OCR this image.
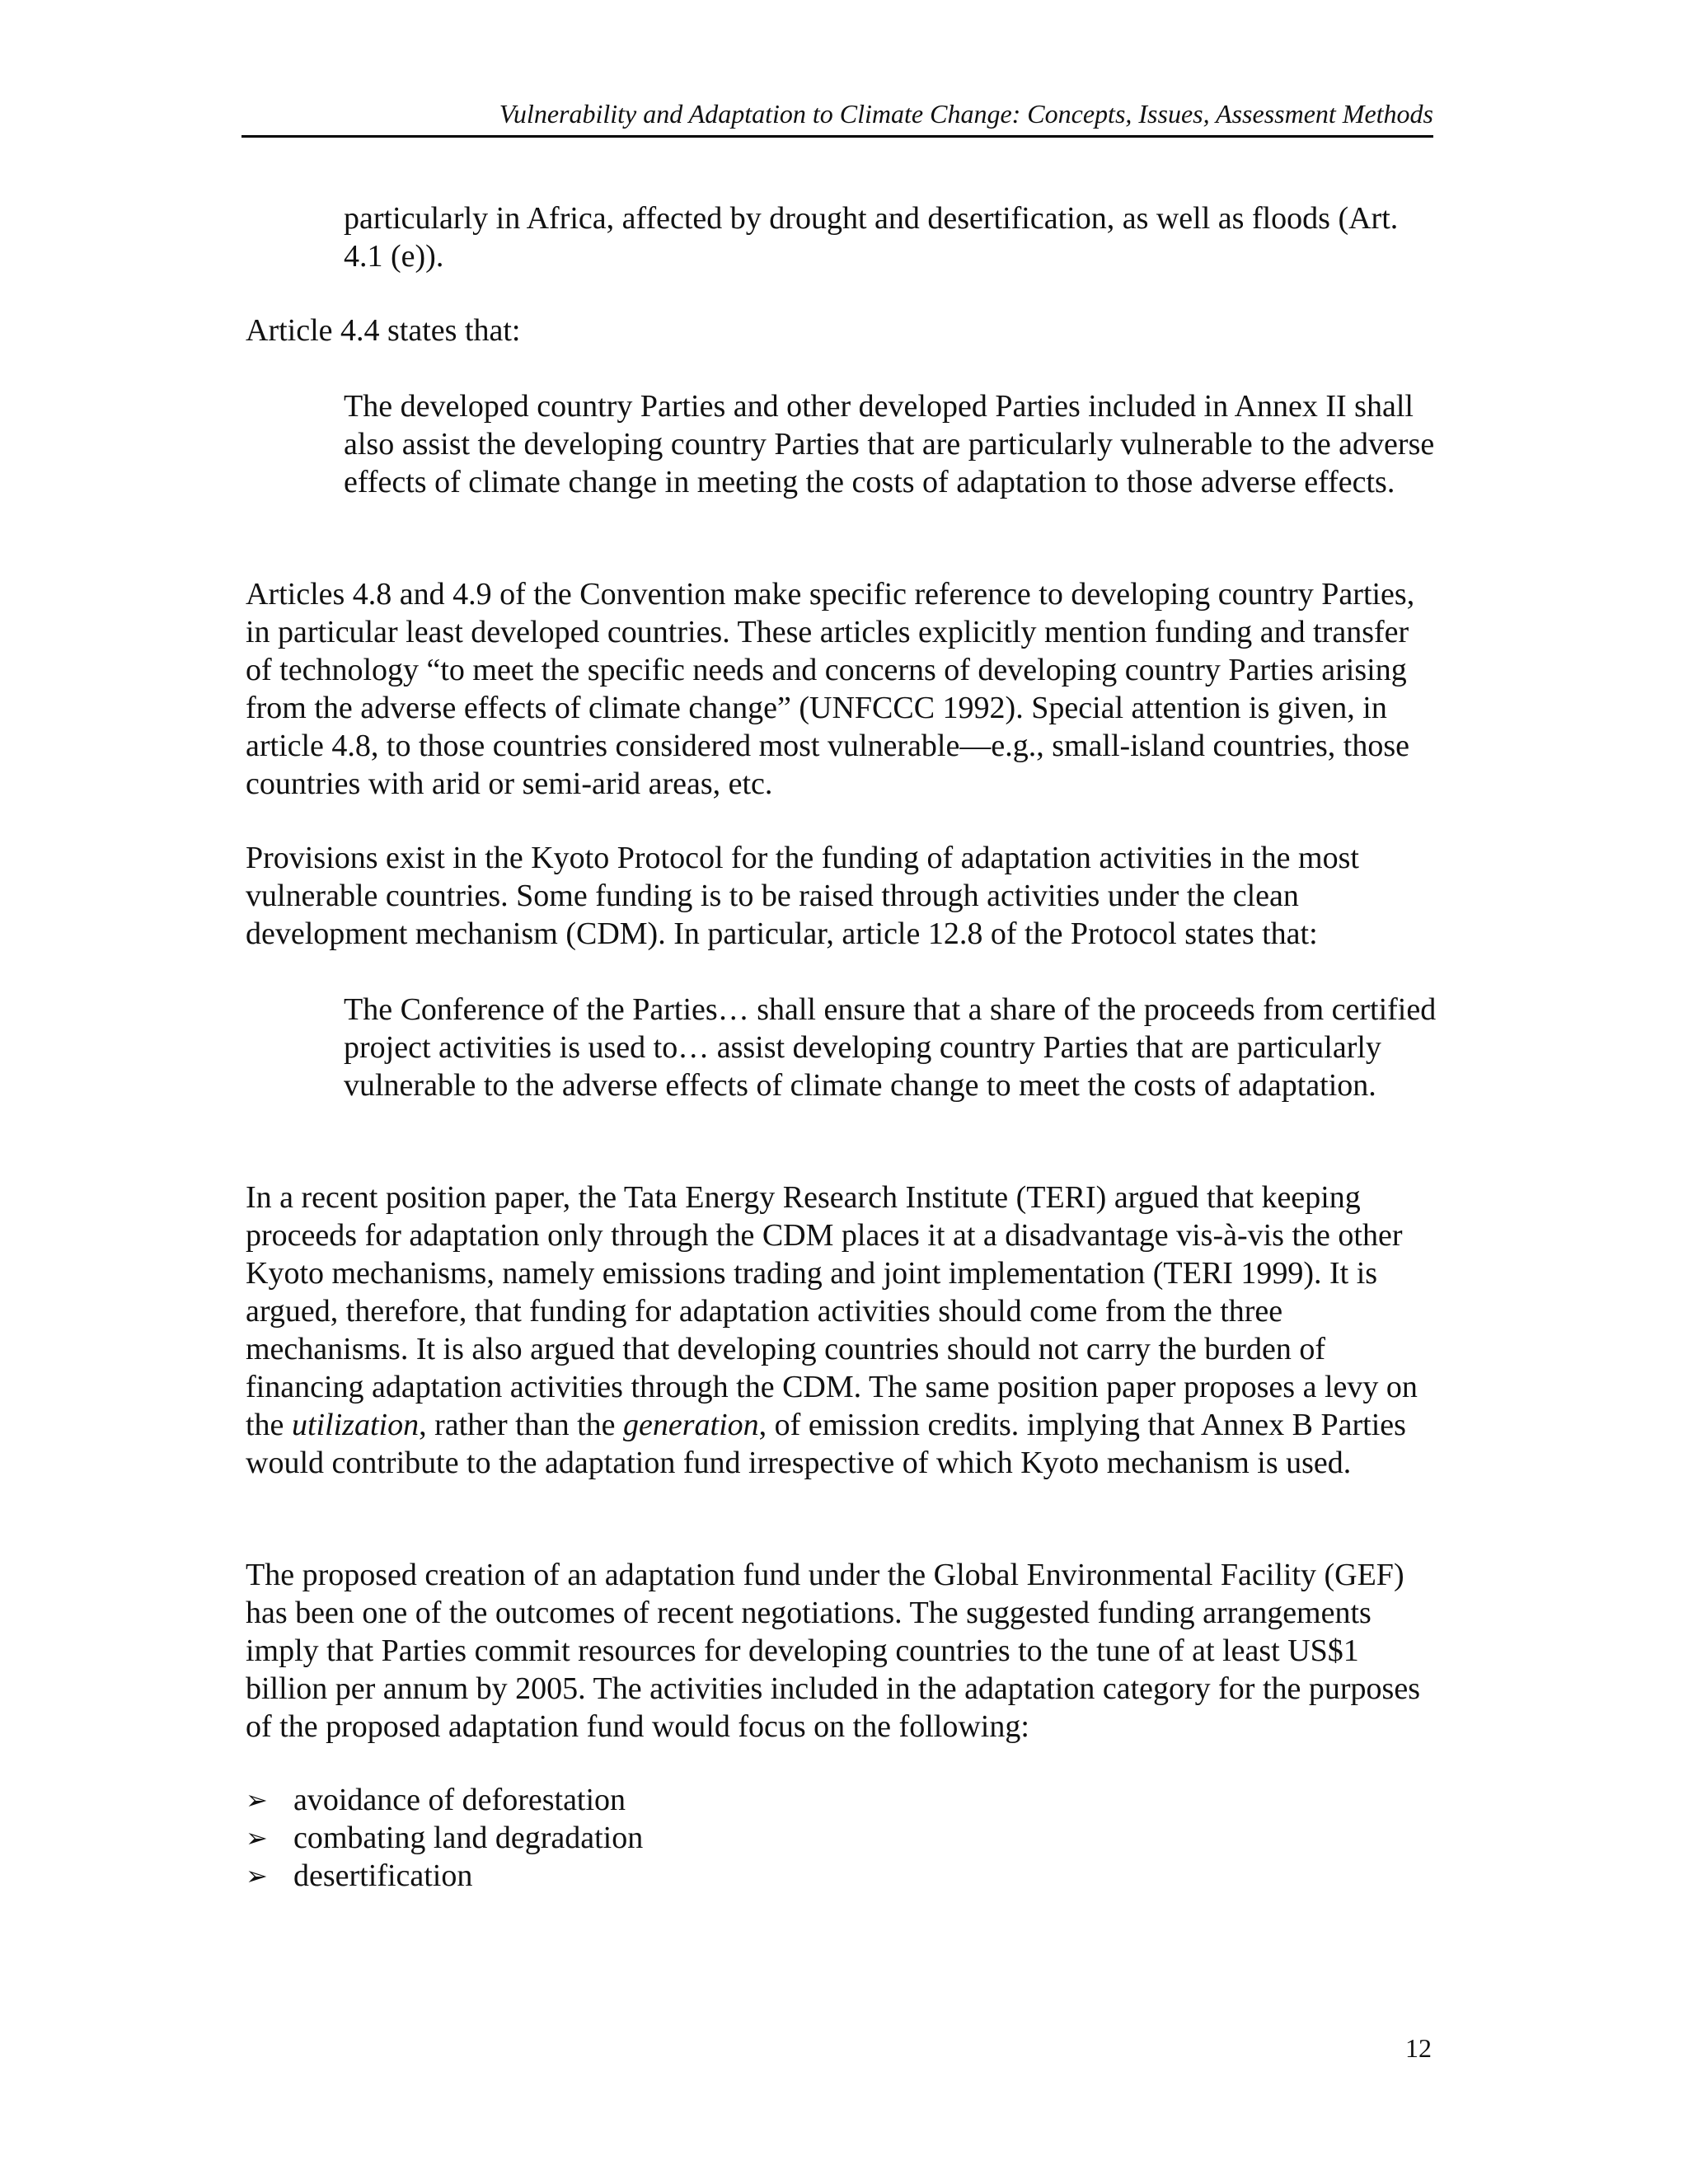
Vulnerability and Adaptation to Climate Change: Concepts, Issues, Assessment Methods

particularly in Africa, affected by drought and desertification, as well as floods (Art. 4.1 (e)).

Article 4.4 states that:

The developed country Parties and other developed Parties included in Annex II shall also assist the developing country Parties that are particularly vulnerable to the adverse effects of climate change in meeting the costs of adaptation to those adverse effects.

Articles 4.8 and 4.9 of the Convention make specific reference to developing country Parties, in particular least developed countries. These articles explicitly mention funding and transfer of technology “to meet the specific needs and concerns of developing country Parties arising from the adverse effects of climate change” (UNFCCC 1992). Special attention is given, in article 4.8, to those countries considered most vulnerable—e.g., small-island countries, those countries with arid or semi-arid areas, etc.

Provisions exist in the Kyoto Protocol for the funding of adaptation activities in the most vulnerable countries. Some funding is to be raised through activities under the clean development mechanism (CDM). In particular, article 12.8 of the Protocol states that:

The Conference of the Parties… shall ensure that a share of the proceeds from certified project activities is used to… assist developing country Parties that are particularly vulnerable to the adverse effects of climate change to meet the costs of adaptation.

In a recent position paper, the Tata Energy Research Institute (TERI) argued that keeping proceeds for adaptation only through the CDM places it at a disadvantage vis-à-vis the other Kyoto mechanisms, namely emissions trading and joint implementation (TERI 1999). It is argued, therefore, that funding for adaptation activities should come from the three mechanisms. It is also argued that developing countries should not carry the burden of financing adaptation activities through the CDM. The same position paper proposes a levy on the utilization, rather than the generation, of emission credits. implying that Annex B Parties would contribute to the adaptation fund irrespective of which Kyoto mechanism is used.

The proposed creation of an adaptation fund under the Global Environmental Facility (GEF) has been one of the outcomes of recent negotiations. The suggested funding arrangements imply that Parties commit resources for developing countries to the tune of at least US$1 billion per annum by 2005. The activities included in the adaptation category for the purposes of the proposed adaptation fund would focus on the following:

➢ avoidance of deforestation
➢ combating land degradation
➢ desertification
12
